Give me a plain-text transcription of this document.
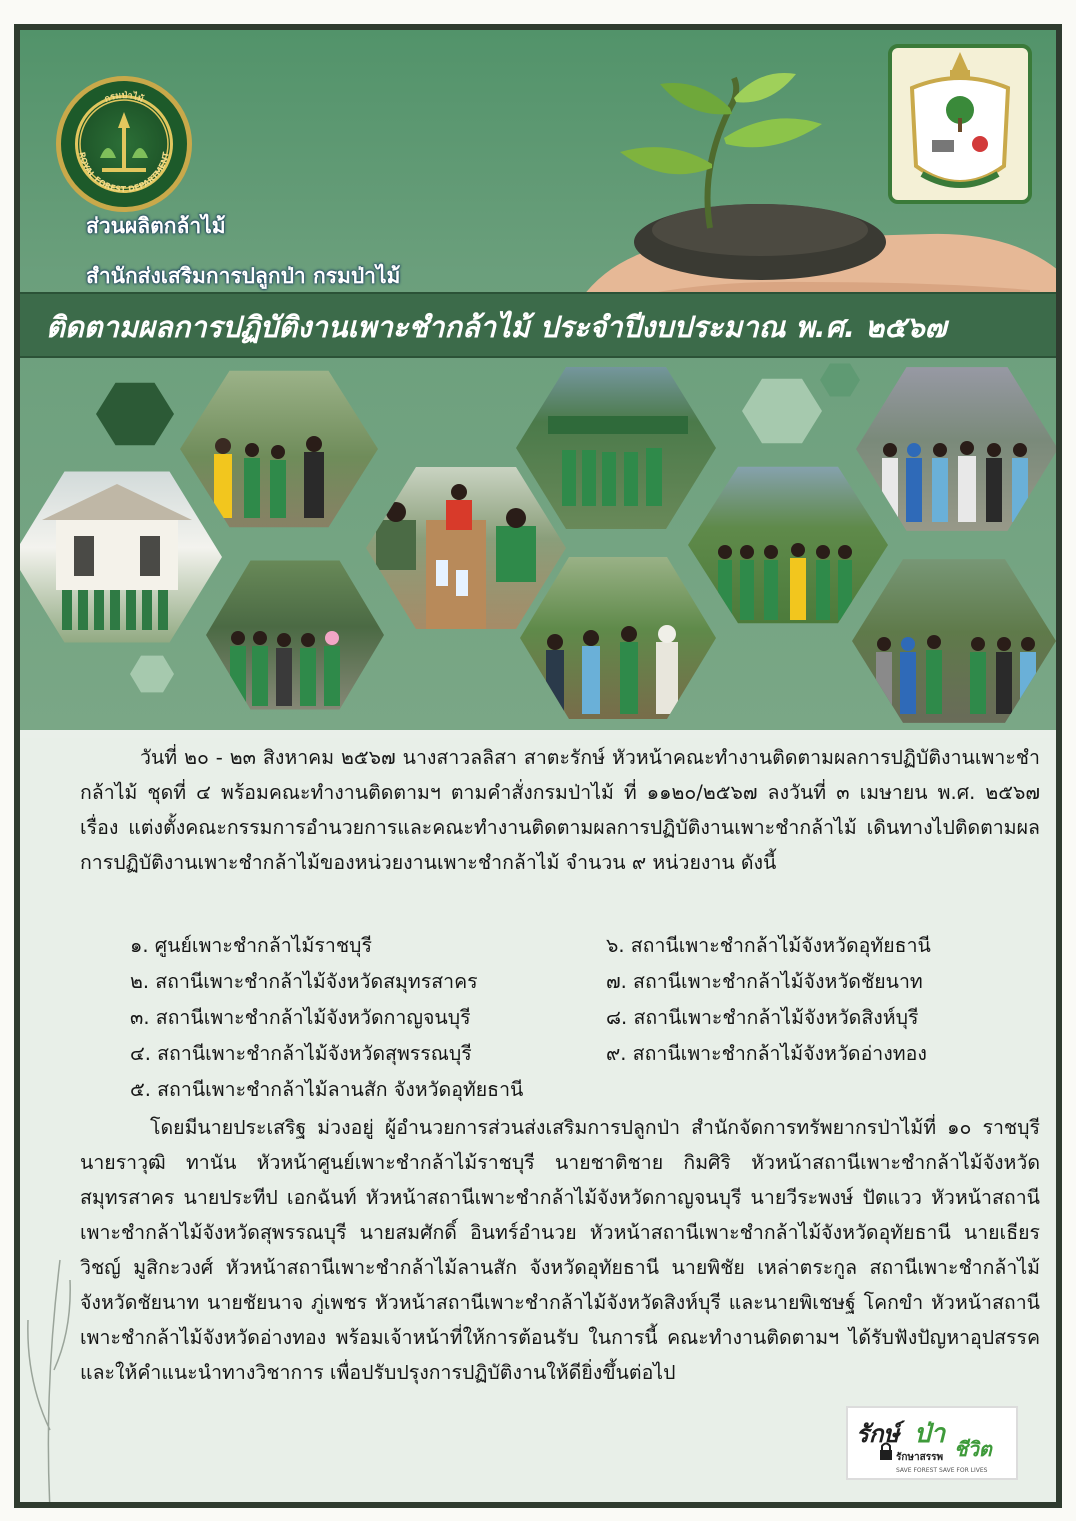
ROYAL FOREST DEPARTMENT
กรมป่าไม้
ส่วนผลิตกล้าไม้
สำนักส่งเสริมการปลูกป่า กรมป่าไม้
ติดตามผลการปฏิบัติงานเพาะชำกล้าไม้ ประจำปีงบประมาณ พ.ศ. ๒๕๖๗

วันที่ ๒๐ - ๒๓ สิงหาคม ๒๕๖๗ นางสาวลลิสา สาตะรักษ์ หัวหน้าคณะทำงานติดตามผลการปฏิบัติงานเพาะชำกล้าไม้ ชุดที่ ๔ พร้อมคณะทำงานติดตามฯ ตามคำสั่งกรมป่าไม้ ที่ ๑๑๒๐/๒๕๖๗ ลงวันที่ ๓ เมษายน พ.ศ. ๒๕๖๗ เรื่อง แต่งตั้งคณะกรรมการอำนวยการและคณะทำงานติดตามผลการปฏิบัติงานเพาะชำกล้าไม้ เดินทางไปติดตามผลการปฏิบัติงานเพาะชำกล้าไม้ของหน่วยงานเพาะชำกล้าไม้ จำนวน ๙ หน่วยงาน ดังนี้

๑. ศูนย์เพาะชำกล้าไม้ราชบุรี
๒. สถานีเพาะชำกล้าไม้จังหวัดสมุทรสาคร
๓. สถานีเพาะชำกล้าไม้จังหวัดกาญจนบุรี
๔. สถานีเพาะชำกล้าไม้จังหวัดสุพรรณบุรี
๕. สถานีเพาะชำกล้าไม้ลานสัก จังหวัดอุทัยธานี
๖. สถานีเพาะชำกล้าไม้จังหวัดอุทัยธานี
๗. สถานีเพาะชำกล้าไม้จังหวัดชัยนาท
๘. สถานีเพาะชำกล้าไม้จังหวัดสิงห์บุรี
๙. สถานีเพาะชำกล้าไม้จังหวัดอ่างทอง

โดยมีนายประเสริฐ ม่วงอยู่ ผู้อำนวยการส่วนส่งเสริมการปลูกป่า สำนักจัดการทรัพยากรป่าไม้ที่ ๑๐ ราชบุรี นายราวุฒิ ทานัน หัวหน้าศูนย์เพาะชำกล้าไม้ราชบุรี นายชาติชาย กิมศิริ หัวหน้าสถานีเพาะชำกล้าไม้จังหวัดสมุทรสาคร นายประทีป เอกฉันท์ หัวหน้าสถานีเพาะชำกล้าไม้จังหวัดกาญจนบุรี นายวีระพงษ์ ปัตแวว หัวหน้าสถานีเพาะชำกล้าไม้จังหวัดสุพรรณบุรี นายสมศักดิ์ อินทร์อำนวย หัวหน้าสถานีเพาะชำกล้าไม้จังหวัดอุทัยธานี นายเธียรวิชญ์ มูสิกะวงศ์ หัวหน้าสถานีเพาะชำกล้าไม้ลานสัก จังหวัดอุทัยธานี นายพิชัย เหล่าตระกูล สถานีเพาะชำกล้าไม้จังหวัดชัยนาท นายชัยนาจ ภู่เพชร หัวหน้าสถานีเพาะชำกล้าไม้จังหวัดสิงห์บุรี และนายพิเชษฐ์ โคกขำ หัวหน้าสถานีเพาะชำกล้าไม้จังหวัดอ่างทอง พร้อมเจ้าหน้าที่ให้การต้อนรับ ในการนี้ คณะทำงานติดตามฯ ได้รับฟังปัญหาอุปสรรค และให้คำแนะนำทางวิชาการ เพื่อปรับปรุงการปฏิบัติงานให้ดียิ่งขึ้นต่อไป

รักษ์ ป่า ชีวิต
รักษาสรรพ
SAVE FOREST SAVE FOR LIVES
